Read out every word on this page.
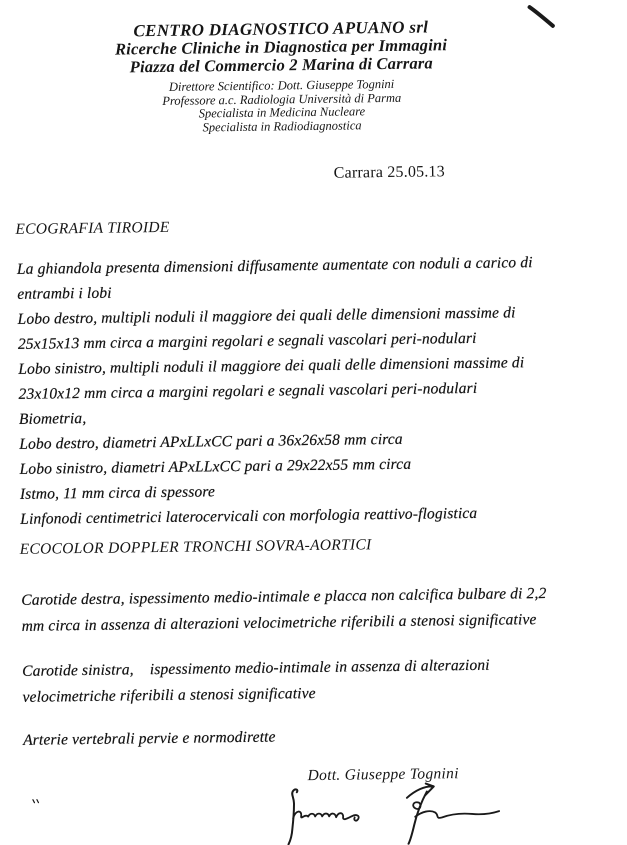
CENTRO DIAGNOSTICO APUANO srl
Ricerche Cliniche in Diagnostica per Immagini
Piazza del Commercio 2 Marina di Carrara
Direttore Scientifico: Dott. Giuseppe Tognini
Professore a.c. Radiologia Università di Parma
Specialista in Medicina Nucleare
Specialista in Radiodiagnostica
Carrara 25.05.13
ECOGRAFIA TIROIDE
La ghiandola presenta dimensioni diffusamente aumentate con noduli a carico di
entrambi i lobi
Lobo destro, multipli noduli il maggiore dei quali delle dimensioni massime di
25x15x13 mm circa a margini regolari e segnali vascolari peri-nodulari
Lobo sinistro, multipli noduli il maggiore dei quali delle dimensioni massime di
23x10x12 mm circa a margini regolari e segnali vascolari peri-nodulari
Biometria,
Lobo destro, diametri APxLLxCC pari a 36x26x58 mm circa
Lobo sinistro, diametri APxLLxCC pari a 29x22x55 mm circa
Istmo, 11 mm circa di spessore
Linfonodi centimetrici laterocervicali con morfologia reattivo-flogistica
ECOCOLOR DOPPLER TRONCHI SOVRA-AORTICI
Carotide destra, ispessimento medio-intimale e placca non calcifica bulbare di 2,2
mm circa in assenza di alterazioni velocimetriche riferibili a stenosi significative
Carotide sinistra,    ispessimento medio-intimale in assenza di alterazioni
velocimetriche riferibili a stenosi significative
Arterie vertebrali pervie e normodirette
Dott. Giuseppe Tognini
